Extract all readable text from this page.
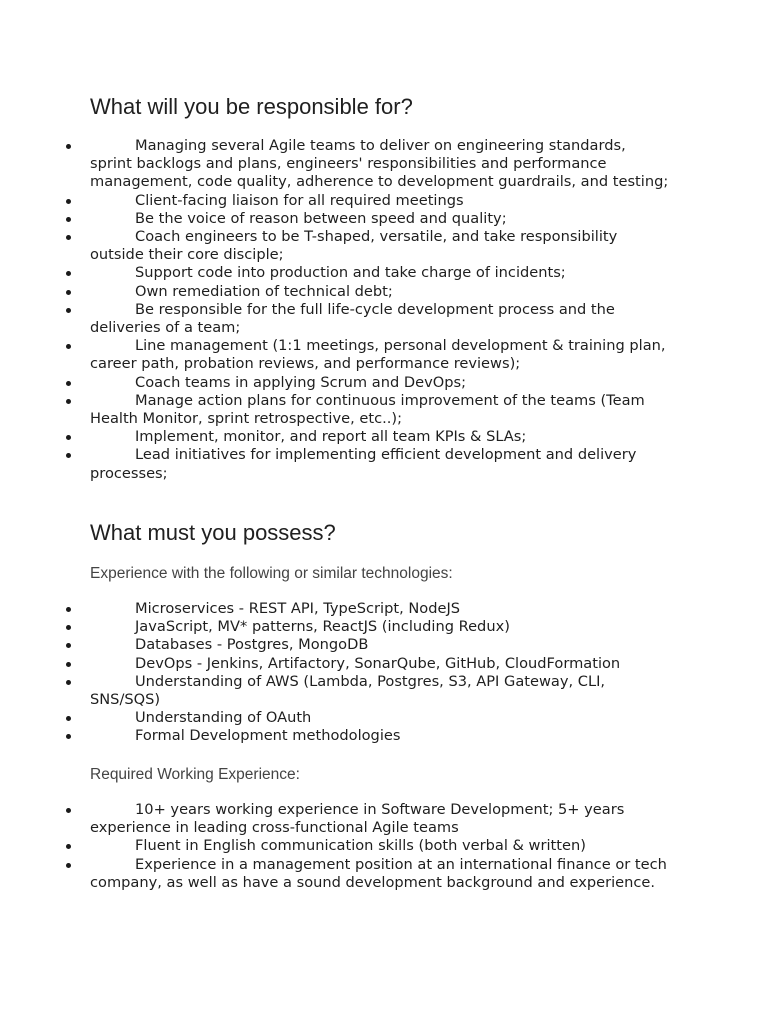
What will you be responsible for?
Managing several Agile teams to deliver on engineering standards, sprint backlogs and plans, engineers' responsibilities and performance management, code quality, adherence to development guardrails, and testing;
Client-facing liaison for all required meetings
Be the voice of reason between speed and quality;
Coach engineers to be T-shaped, versatile, and take responsibility outside their core disciple;
Support code into production and take charge of incidents;
Own remediation of technical debt;
Be responsible for the full life-cycle development process and the deliveries of a team;
Line management (1:1 meetings, personal development & training plan, career path, probation reviews, and performance reviews);
Coach teams in applying Scrum and DevOps;
Manage action plans for continuous improvement of the teams (Team Health Monitor, sprint retrospective, etc..);
Implement, monitor, and report all team KPIs & SLAs;
Lead initiatives for implementing efficient development and delivery processes;
What must you possess?

Experience with the following or similar technologies:

Microservices - REST API, TypeScript, NodeJS
JavaScript, MV* patterns, ReactJS (including Redux)
Databases - Postgres, MongoDB
DevOps - Jenkins, Artifactory, SonarQube, GitHub, CloudFormation
Understanding of AWS (Lambda, Postgres, S3, API Gateway, CLI, SNS/SQS)
Understanding of OAuth
Formal Development methodologies

Required Working Experience:

10+ years working experience in Software Development; 5+ years experience in leading cross-functional Agile teams
Fluent in English communication skills (both verbal & written)
Experience in a management position at an international finance or tech company, as well as have a sound development background and experience.
